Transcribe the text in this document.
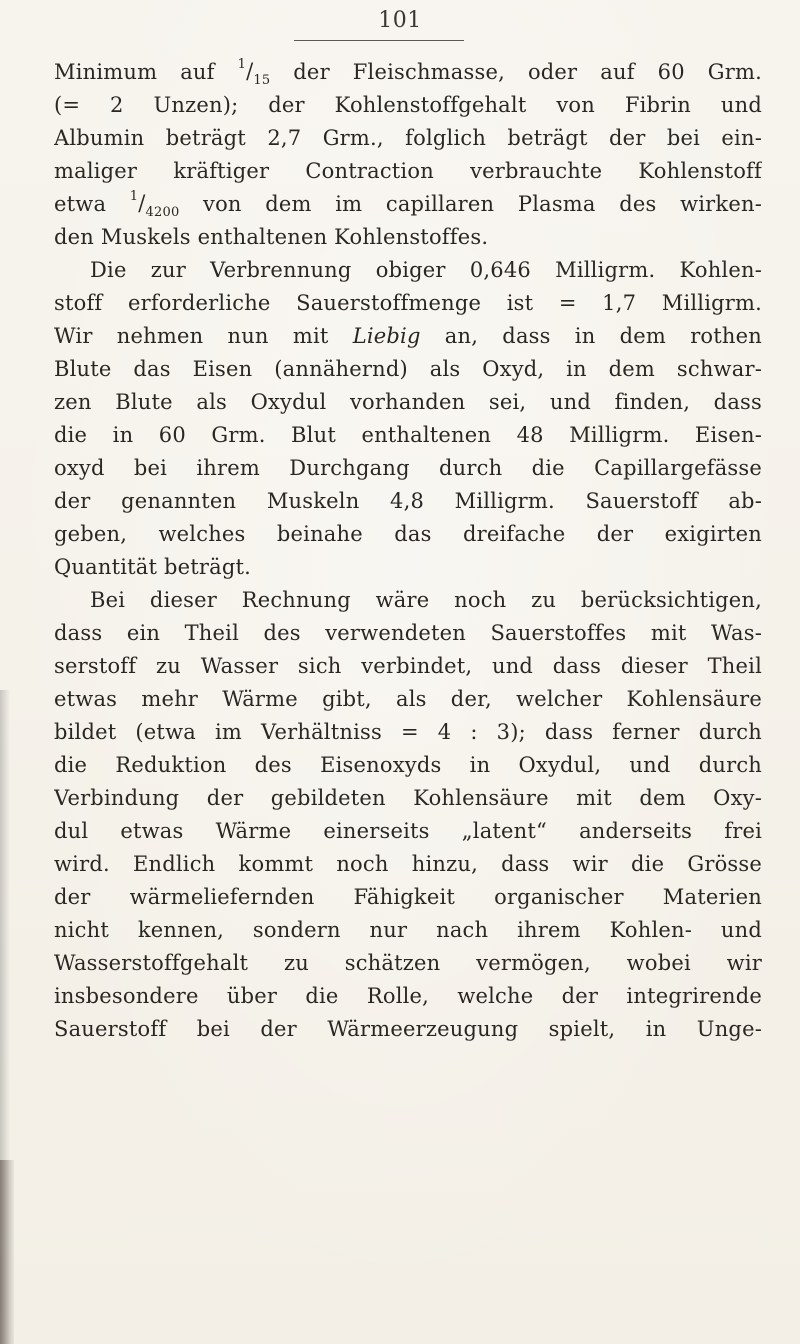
101
Minimum auf $^1/_{15}$ der Fleischmasse, oder auf 60 Grm.
(= 2 Unzen); der Kohlenstoffgehalt von Fibrin und
Albumin beträgt 2,7 Grm., folglich beträgt der bei ein-
maliger kräftiger Contraction verbrauchte Kohlenstoff
etwa $^1/_{4200}$ von dem im capillaren Plasma des wirken-
den Muskels enthaltenen Kohlenstoffes.
Die zur Verbrennung obiger 0,646 Milligrm. Kohlen-
stoff erforderliche Sauerstoffmenge ist = 1,7 Milligrm.
Wir nehmen nun mit Liebig an, dass in dem rothen
Blute das Eisen (annähernd) als Oxyd, in dem schwar-
zen Blute als Oxydul vorhanden sei, und finden, dass
die in 60 Grm. Blut enthaltenen 48 Milligrm. Eisen-
oxyd bei ihrem Durchgang durch die Capillargefässe
der genannten Muskeln 4,8 Milligrm. Sauerstoff ab-
geben, welches beinahe das dreifache der exigirten
Quantität beträgt.
Bei dieser Rechnung wäre noch zu berücksichtigen,
dass ein Theil des verwendeten Sauerstoffes mit Was-
serstoff zu Wasser sich verbindet, und dass dieser Theil
etwas mehr Wärme gibt, als der, welcher Kohlensäure
bildet (etwa im Verhältniss = 4 : 3); dass ferner durch
die Reduktion des Eisenoxyds in Oxydul, und durch
Verbindung der gebildeten Kohlensäure mit dem Oxy-
dul etwas Wärme einerseits „latent“ anderseits frei
wird. Endlich kommt noch hinzu, dass wir die Grösse
der wärmeliefernden Fähigkeit organischer Materien
nicht kennen, sondern nur nach ihrem Kohlen- und
Wasserstoffgehalt zu schätzen vermögen, wobei wir
insbesondere über die Rolle, welche der integrirende
Sauerstoff bei der Wärmeerzeugung spielt, in Unge-
